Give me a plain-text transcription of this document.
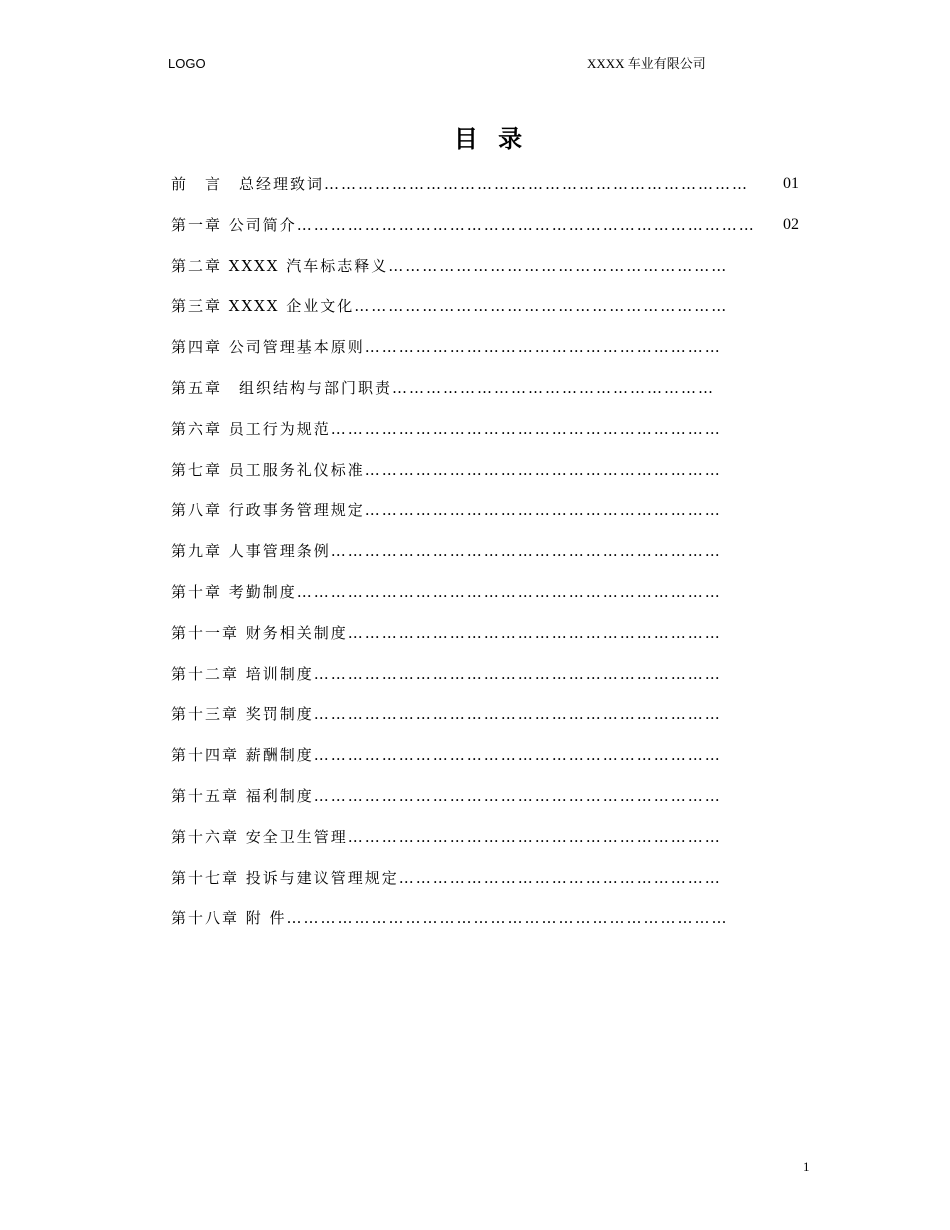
LOGO	XXXX 车业有限公司
目 录
前　言　总经理致词………………………………………………………………… 01
第一章 公司简介……………………………………………………………………… 02
第二章 XXXX 汽车标志释义……………………………………………………
第三章 XXXX 企业文化…………………………………………………………
第四章 公司管理基本原则………………………………………………………
第五章　组织结构与部门职责…………………………………………………
第六章 员工行为规范……………………………………………………………
第七章 员工服务礼仪标准………………………………………………………
第八章 行政事务管理规定………………………………………………………
第九章 人事管理条例……………………………………………………………
第十章 考勤制度…………………………………………………………………
第十一章 财务相关制度…………………………………………………………
第十二章 培训制度………………………………………………………………
第十三章 奖罚制度………………………………………………………………
第十四章 薪酬制度………………………………………………………………
第十五章 福利制度………………………………………………………………
第十六章 安全卫生管理…………………………………………………………
第十七章 投诉与建议管理规定…………………………………………………
第十八章 附 件……………………………………………………………………
1
